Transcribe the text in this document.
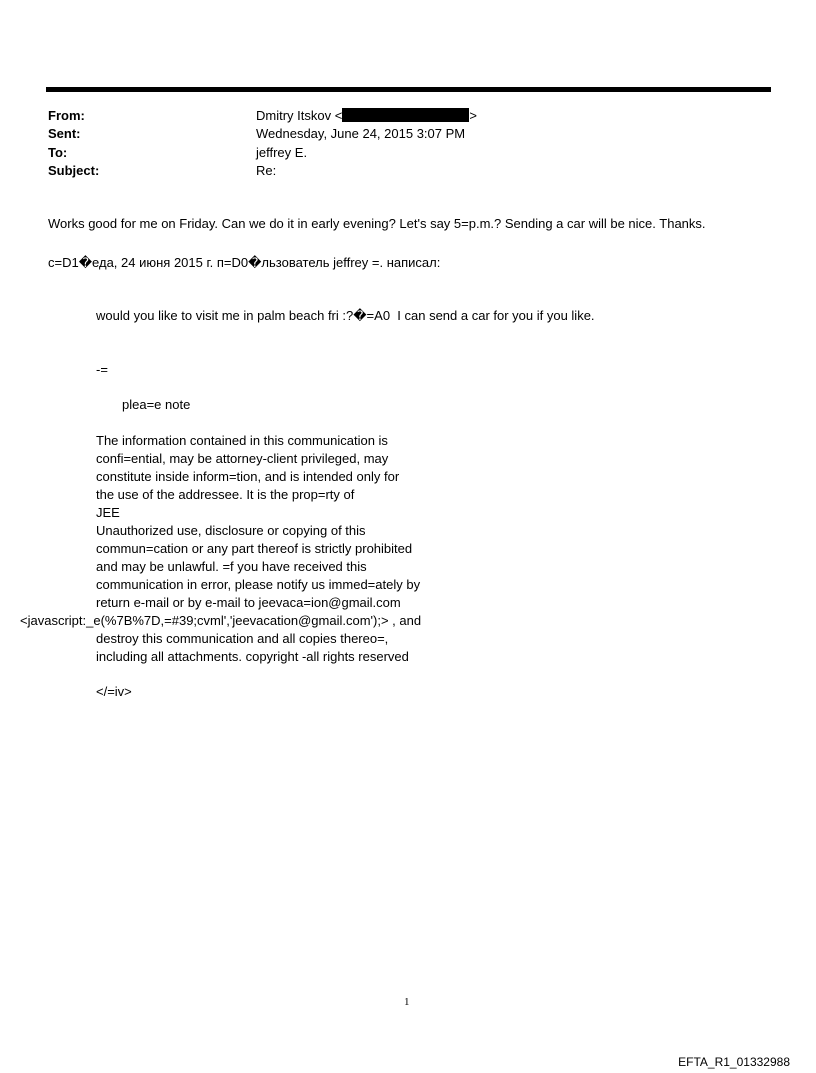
From:	Dmitry Itskov <	>
Sent:	Wednesday, June 24, 2015 3:07 PM
To:	jeffrey E.
Subject:	Re:
Works good for me on Friday. Can we do it in early evening? Let's say 5=p.m.? Sending a car will be nice. Thanks.
c=D1�еда, 24 июня 2015 г. п=D0�льзователь jeffrey =. написал:
would you like to visit me in palm beach fri :?�=A0  I can send a car for you if you like.
-=
plea=e note
The information contained in this communication is
confi=ential, may be attorney-client privileged, may
constitute inside inform=tion, and is intended only for
the use of the addressee. It is the prop=rty of
JEE
Unauthorized use, disclosure or copying of this
commun=cation or any part thereof is strictly prohibited
and may be unlawful. =f you have received this
communication in error, please notify us immed=ately by
return e-mail or by e-mail to jeevaca=ion@gmail.com
<javascript:_e(%7B%7D,=#39;cvml','jeevacation@gmail.com');> , and
destroy this communication and all copies thereo=,
including all attachments. copyright -all rights reserved
</=iv>
1
EFTA_R1_01332988
